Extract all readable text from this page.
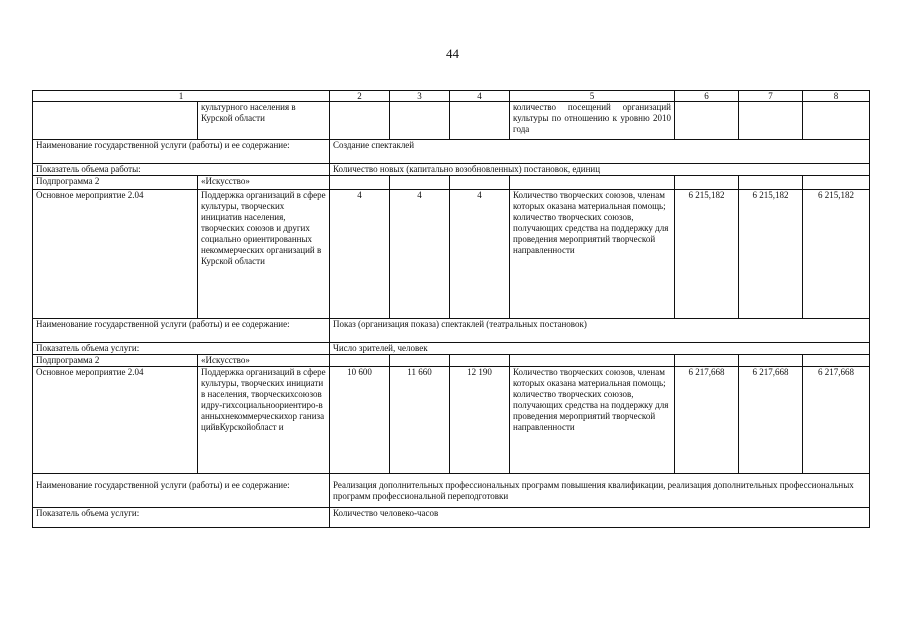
44
1		2	3	4	5	6	7	8
	культурного населения в Курской области				количество посещений организаций культуры по отношению к уровню 2010 года			
Наименование государственной услуги (работы) и ее содержание:		Создание спектаклей						
Показатель объема работы:		Количество новых (капитально возобновленных) постановок, единиц						
Подпрограмма 2	«Искусство»							
Основное мероприятие 2.04	Поддержка организаций в сфере культуры, творческих инициатив населения, творческих союзов и других социально ориентированных некоммерческих организаций в Курской области	4	4	4	Количество творческих союзов, членам которых оказана материальная помощь; количество творческих союзов, получающих средства на поддержку для проведения мероприятий творческой направленности	6 215,182	6 215,182	6 215,182
Наименование государственной услуги (работы) и ее содержание:		Показ (организация показа) спектаклей (театральных постановок)						
Показатель объема услуги:		Число зрителей, человек						
Подпрограмма 2	«Искусство»							
Основное мероприятие 2.04	Поддержка организаций в сфере культуры, творческих инициатив населения, творческихсоюзовидру-гихсоциальноориентиро-ванныхнекоммерческихор ганизацийвКурскойобласт и	10 600	11 660	12 190	Количество творческих союзов, членам которых оказана материальная помощь; количество творческих союзов, получающих средства на поддержку для проведения мероприятий творческой направленности	6 217,668	6 217,668	6 217,668
Наименование государственной услуги (работы) и ее содержание:		Реализация дополнительных профессиональных программ повышения квалификации, реализация дополнительных профессиональных программ профессиональной переподготовки						
Показатель объема услуги:		Количество человеко-часов						
